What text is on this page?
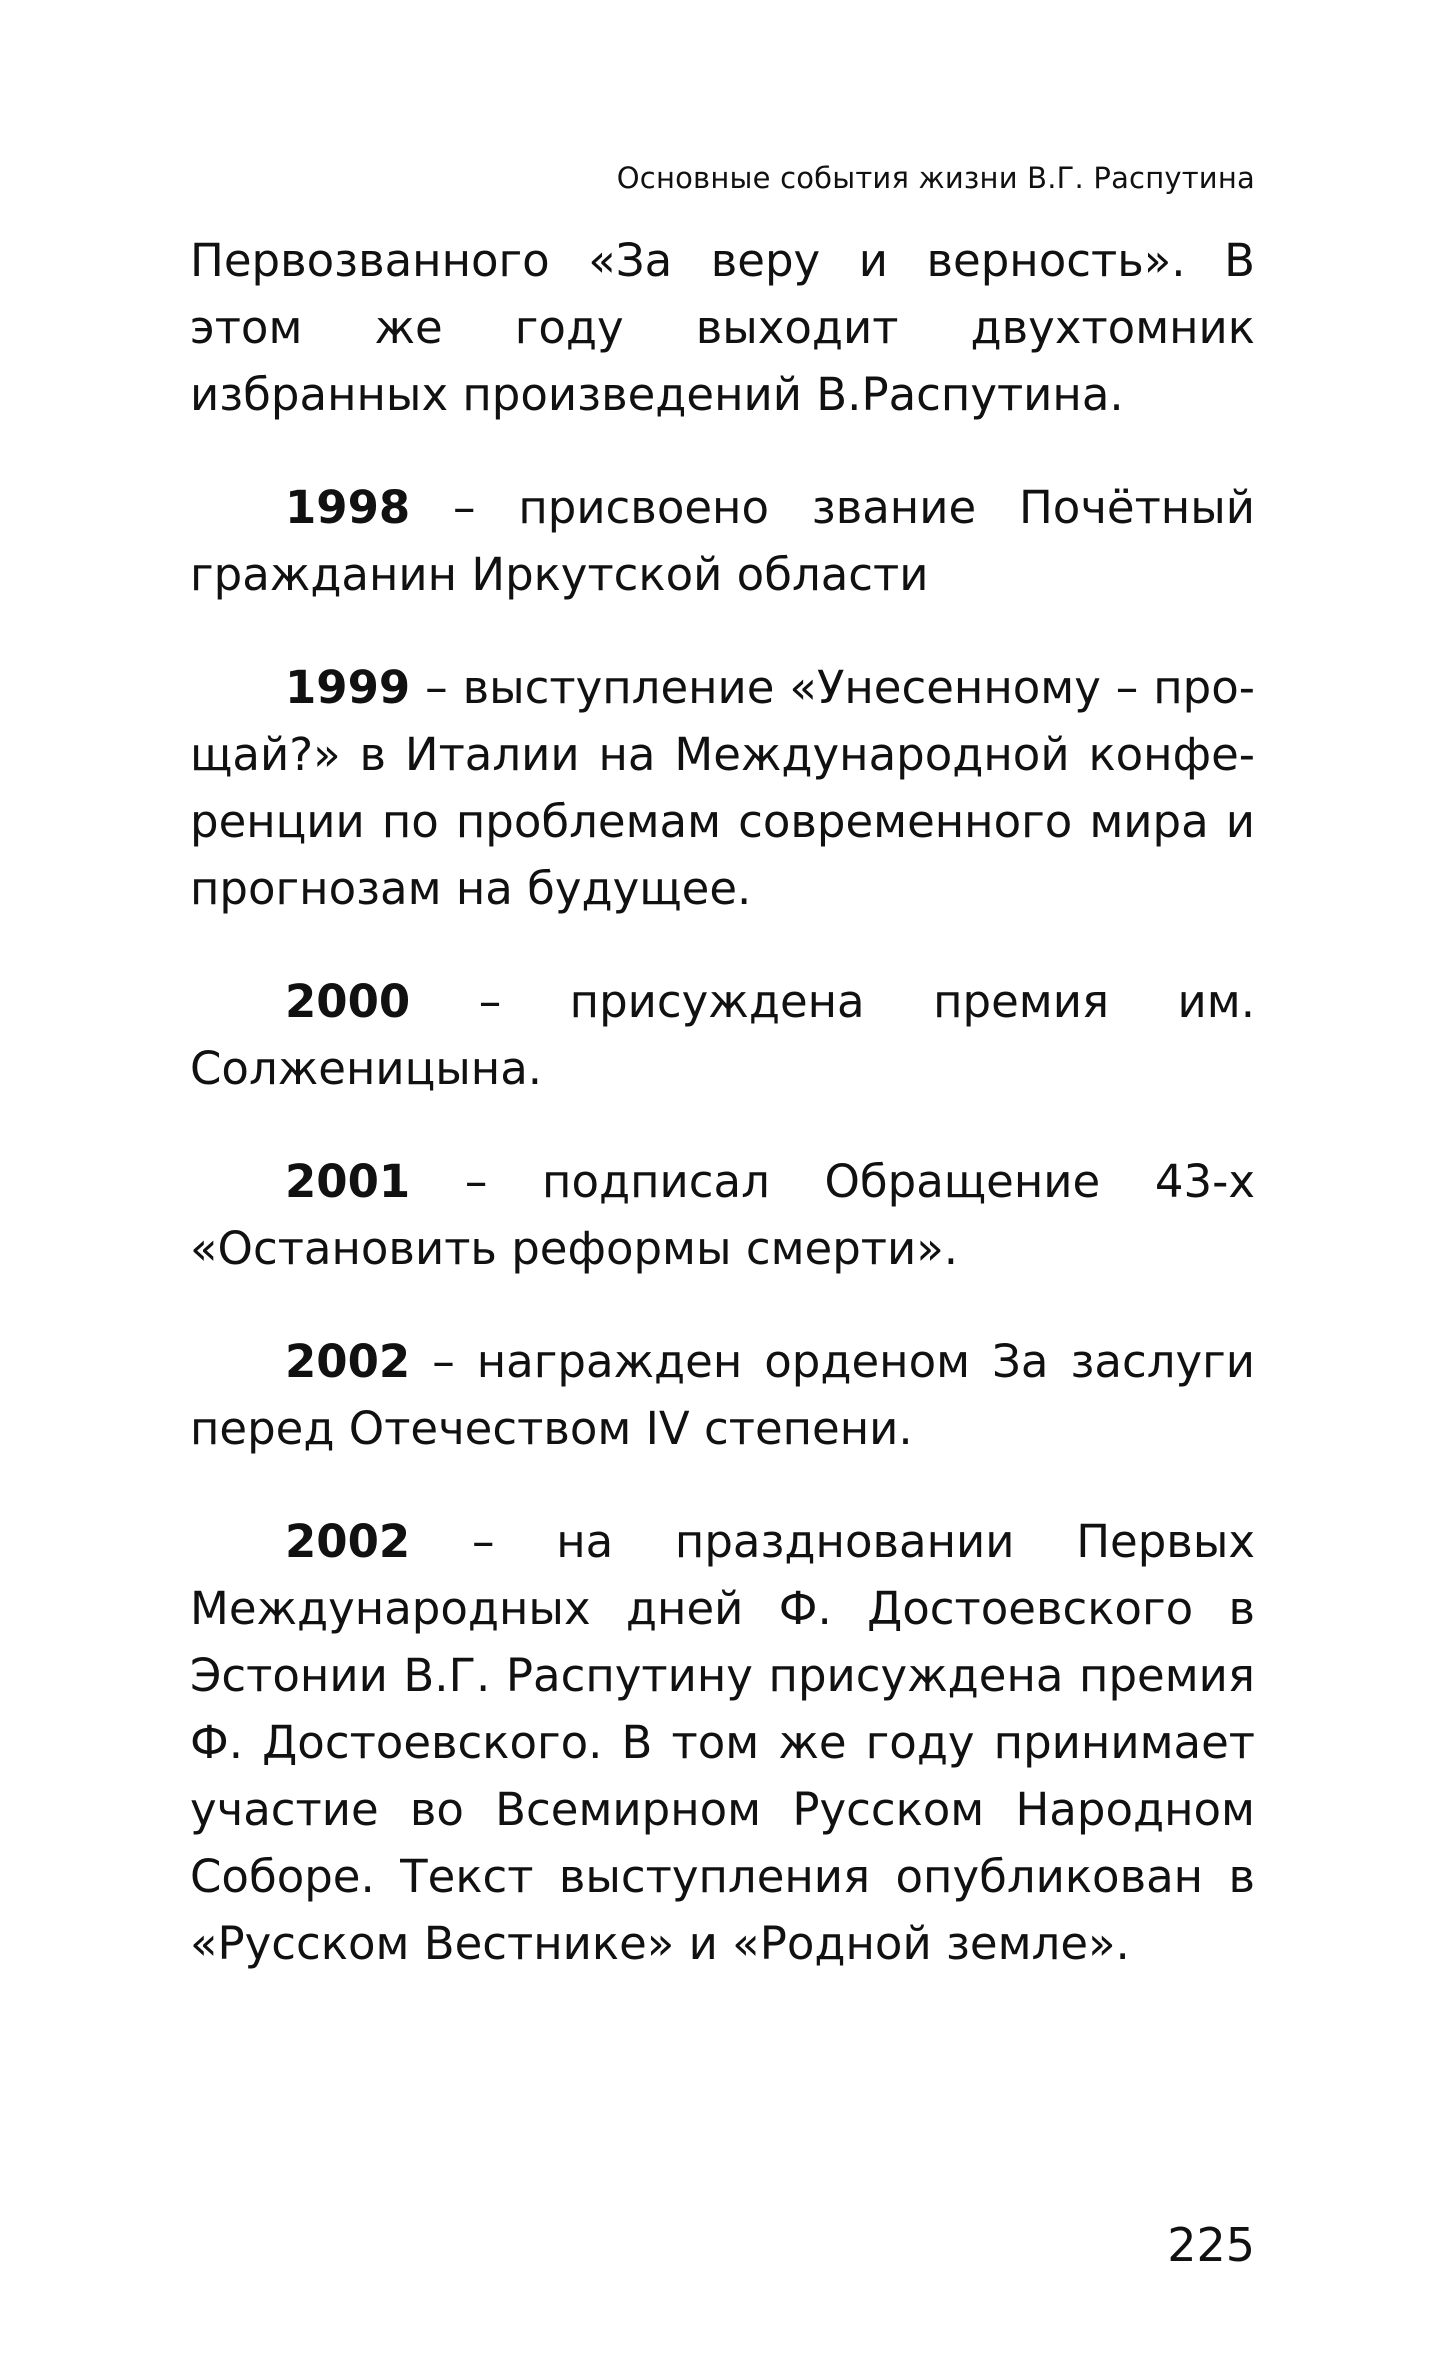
Основные события жизни В.Г. Распутина

Первозванного «За веру и верность». В этом же году выходит двухтомник избранных произведений В.Распутина.

1998 – присвоено звание Почётный гражданин Иркутской области

1999 – выступление «Унесенному – прощай?» в Италии на Международной конференции по проблемам современного мира и прогнозам на будущее.

2000 – присуждена премия им. Солженицына.

2001 – подписал Обращение 43-х «Остановить реформы смерти».

2002 – награжден орденом За заслуги перед Отечеством IV степени.

2002 – на праздновании Первых Международных дней Ф. Достоевского в Эстонии В.Г. Распутину присуждена премия Ф. Достоевского. В том же году принимает участие во Всемирном Русском Народном Соборе. Текст выступления опубликован в «Русском Вестнике» и «Родной земле».

225
